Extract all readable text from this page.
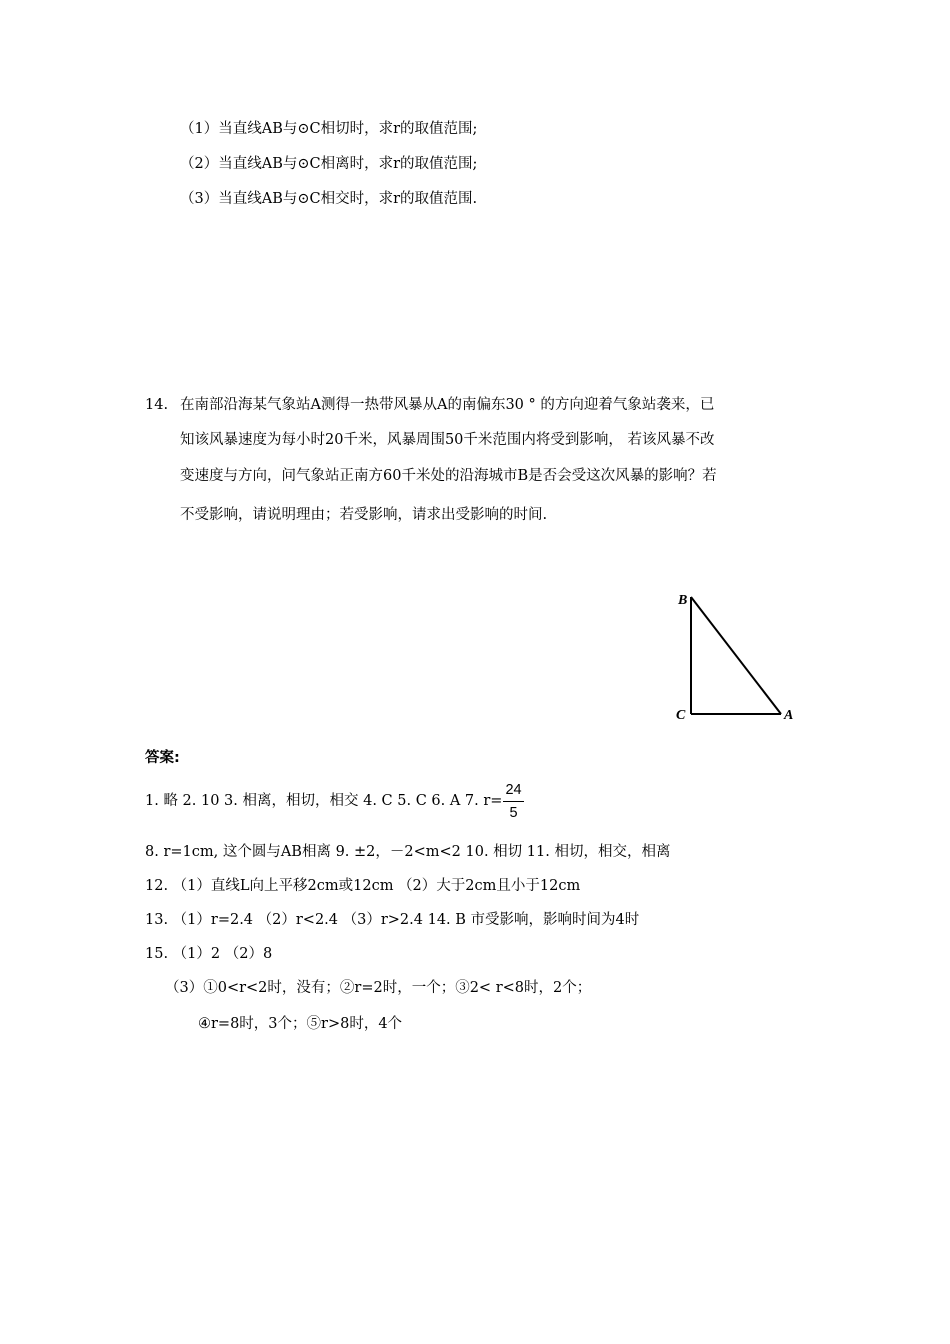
（1）当直线AB与⊙C相切时，求r的取值范围;
（2）当直线AB与⊙C相离时，求r的取值范围;
（3）当直线AB与⊙C相交时，求r的取值范围.
14. 在南部沿海某气象站A测得一热带风暴从A的南偏东30 ° 的方向迎着气象站袭来，已
知该风暴速度为每小时20千米，风暴周围50千米范围内将受到影响， 若该风暴不改
变速度与方向，问气象站正南方60千米处的沿海城市B是否会受这次风暴的影响？若
不受影响，请说明理由；若受影响，请求出受影响的时间.
B
C	A
答案:
1. 略 2. 10 3. 相离，相切，相交 4. C 5. C 6. A 7. $r= \frac{24}{5}$
8. r=1cm, 这个圆与AB相离 9. ±2，－2<m<2 10. 相切 11. 相切，相交，相离
12. （1）直线L向上平移2cm或12cm （2）大于2cm且小于12cm
13. （1）r=2.4 （2）r<2.4 （3）r>2.4 14. B 市受影响，影响时间为4时
15. （1）2 （2）8
（3）①0<r<2时，没有；②r=2时，一个；③2< r<8时，2个；
④r=8时，3个；⑤r>8时，4个
